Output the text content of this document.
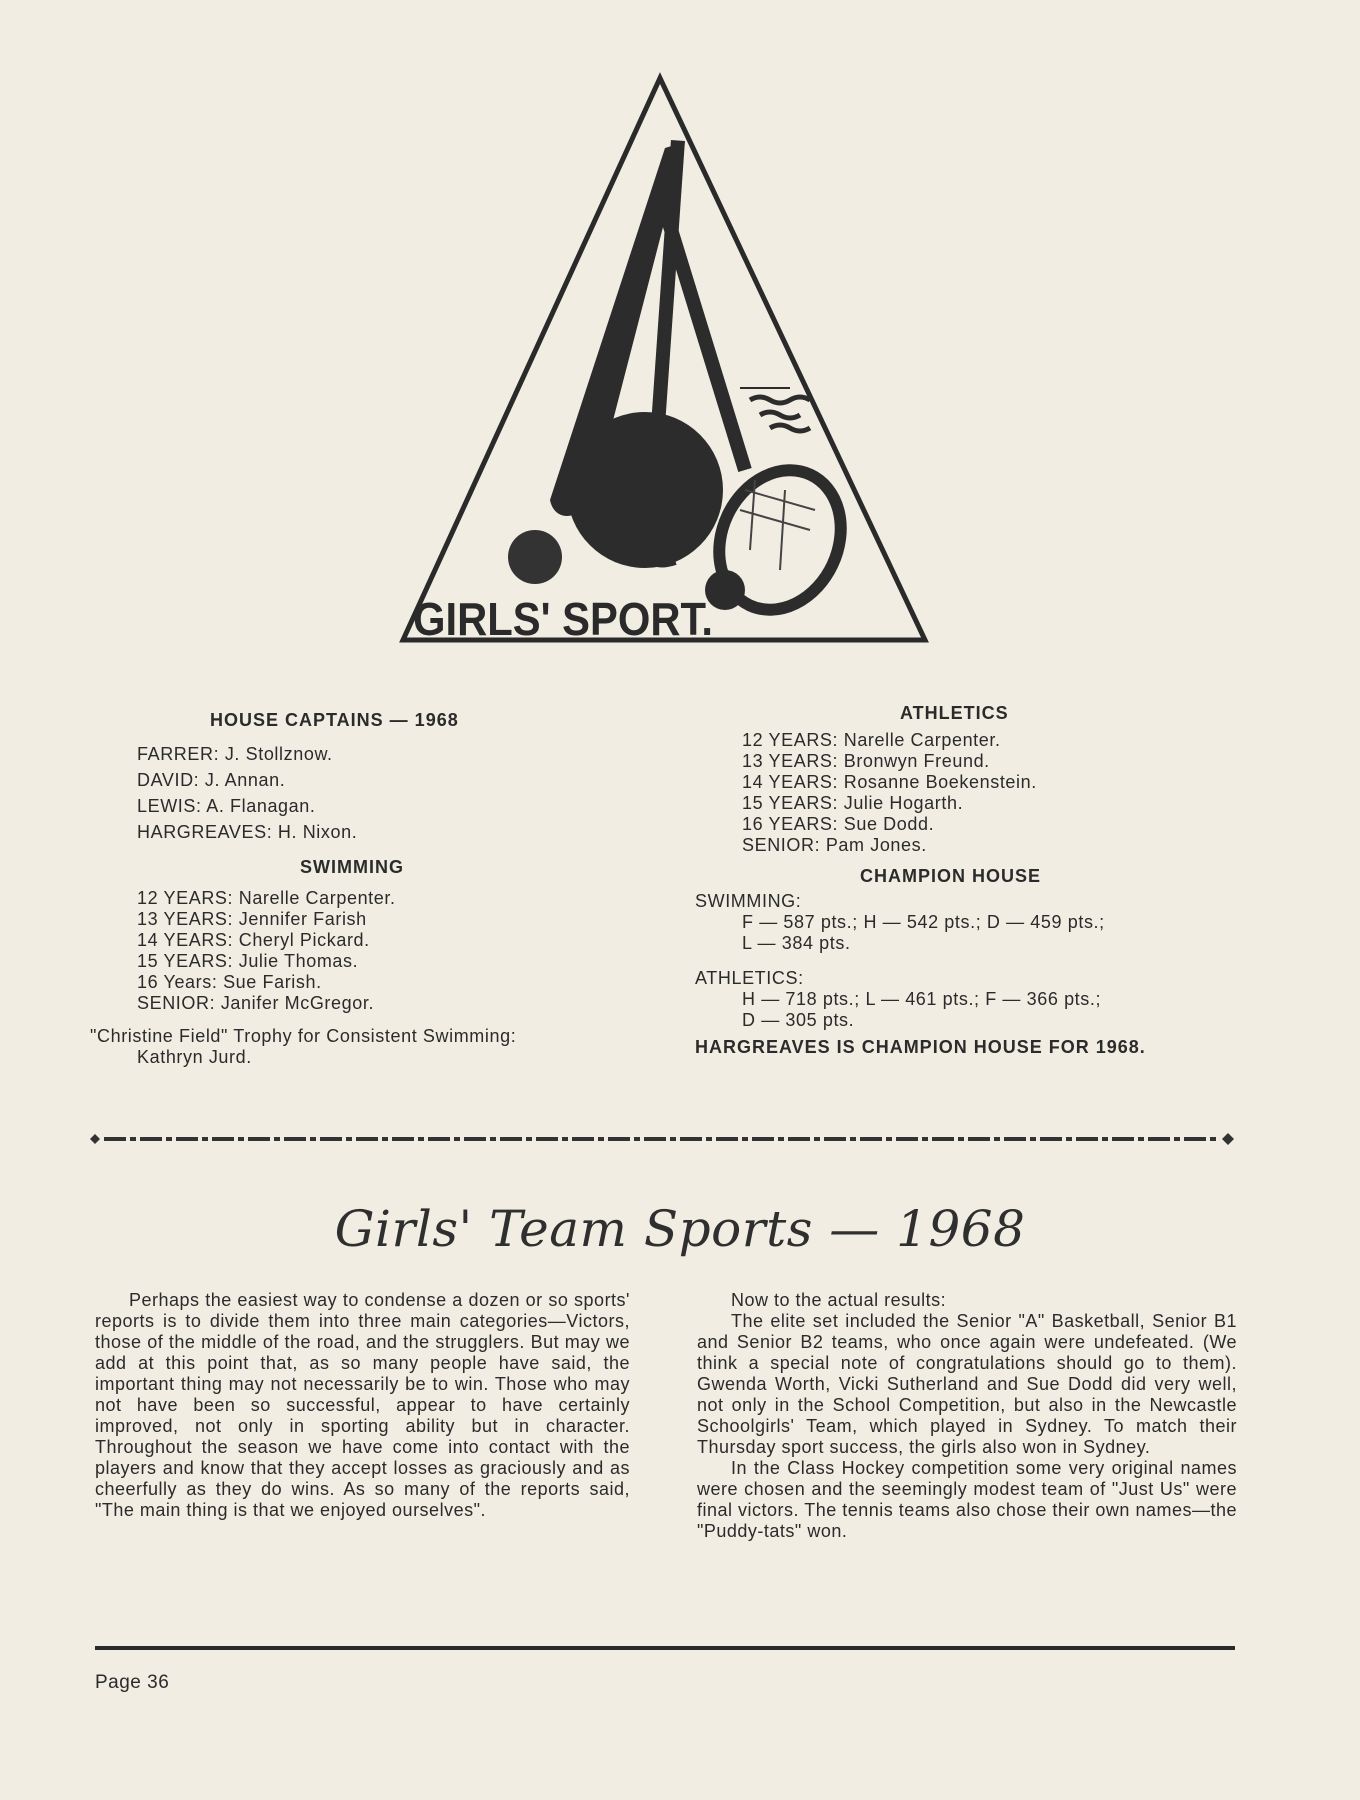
GIRLS' SPORT.
HOUSE CAPTAINS — 1968
FARRER: J. Stollznow.
DAVID: J. Annan.
LEWIS: A. Flanagan.
HARGREAVES: H. Nixon.
SWIMMING
12 YEARS: Narelle Carpenter.
13 YEARS: Jennifer Farish
14 YEARS: Cheryl Pickard.
15 YEARS: Julie Thomas.
16 Years: Sue Farish.
SENIOR: Janifer McGregor.
"Christine Field" Trophy for Consistent Swimming:
Kathryn Jurd.
ATHLETICS
12 YEARS: Narelle Carpenter.
13 YEARS: Bronwyn Freund.
14 YEARS: Rosanne Boekenstein.
15 YEARS: Julie Hogarth.
16 YEARS: Sue Dodd.
SENIOR: Pam Jones.
CHAMPION HOUSE
SWIMMING:
F — 587 pts.; H — 542 pts.; D — 459 pts.;
L — 384 pts.
ATHLETICS:
H — 718 pts.; L — 461 pts.; F — 366 pts.;
D — 305 pts.
HARGREAVES IS CHAMPION HOUSE FOR 1968.
Girls' Team Sports — 1968

Perhaps the easiest way to condense a dozen or so sports' reports is to divide them into three main categories—Victors, those of the middle of the road, and the strugglers. But may we add at this point that, as so many people have said, the important thing may not necessarily be to win. Those who may not have been so successful, appear to have certainly improved, not only in sporting ability but in character. Throughout the season we have come into contact with the players and know that they accept losses as graciously and as cheerfully as they do wins. As so many of the reports said, "The main thing is that we enjoyed ourselves".

Now to the actual results:

The elite set included the Senior "A" Basketball, Senior B1 and Senior B2 teams, who once again were undefeated. (We think a special note of congratulations should go to them). Gwenda Worth, Vicki Sutherland and Sue Dodd did very well, not only in the School Competition, but also in the Newcastle Schoolgirls' Team, which played in Sydney. To match their Thursday sport success, the girls also won in Sydney.

In the Class Hockey competition some very original names were chosen and the seemingly modest team of "Just Us" were final victors. The tennis teams also chose their own names—the "Puddy-tats" won.

Page 36
